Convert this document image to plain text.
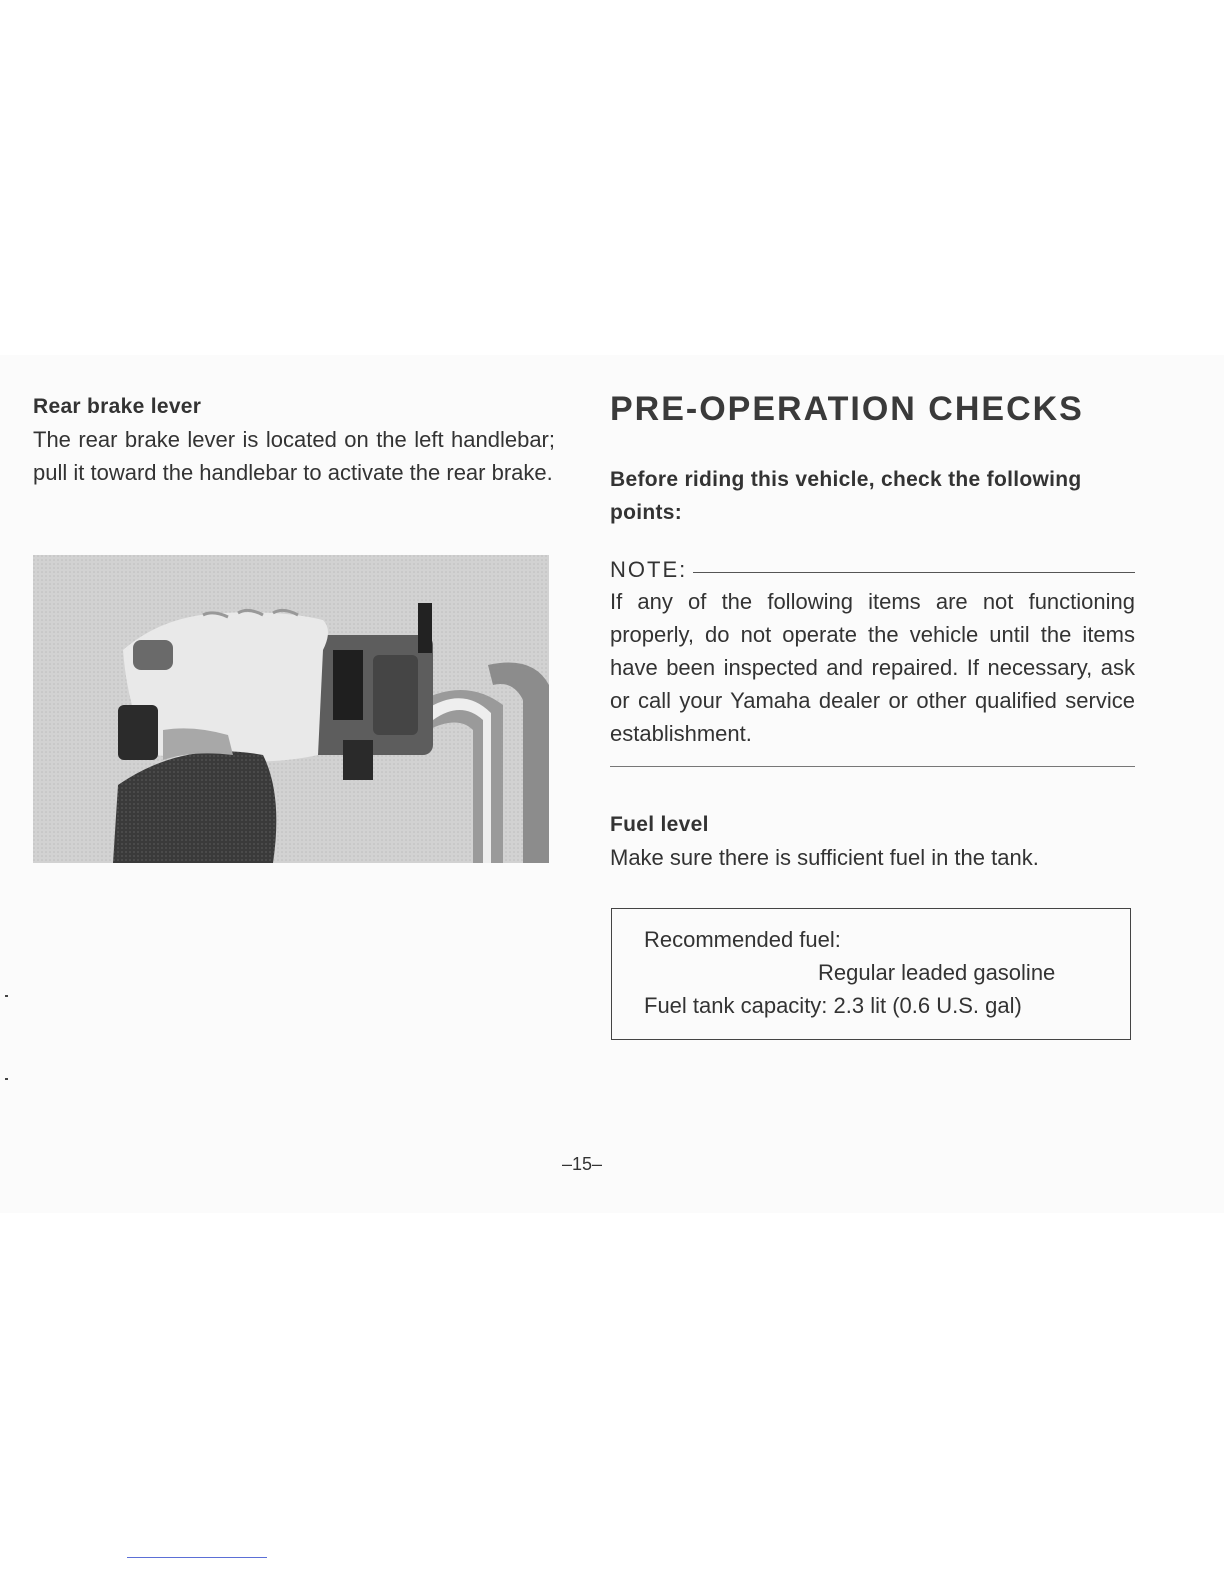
Rear brake lever

The rear brake lever is located on the left handlebar; pull it toward the handlebar to activate the rear brake.

PRE-OPERATION CHECKS

Before riding this vehicle, check the following points:

NOTE:

If any of the following items are not functioning properly, do not operate the vehicle until the items have been inspected and repaired. If necessary, ask or call your Yamaha dealer or other qualified service establishment.

Fuel level

Make sure there is sufficient fuel in the tank.

Recommended fuel:

Regular leaded gasoline

Fuel tank capacity: 2.3 lit (0.6 U.S. gal)

–15–
